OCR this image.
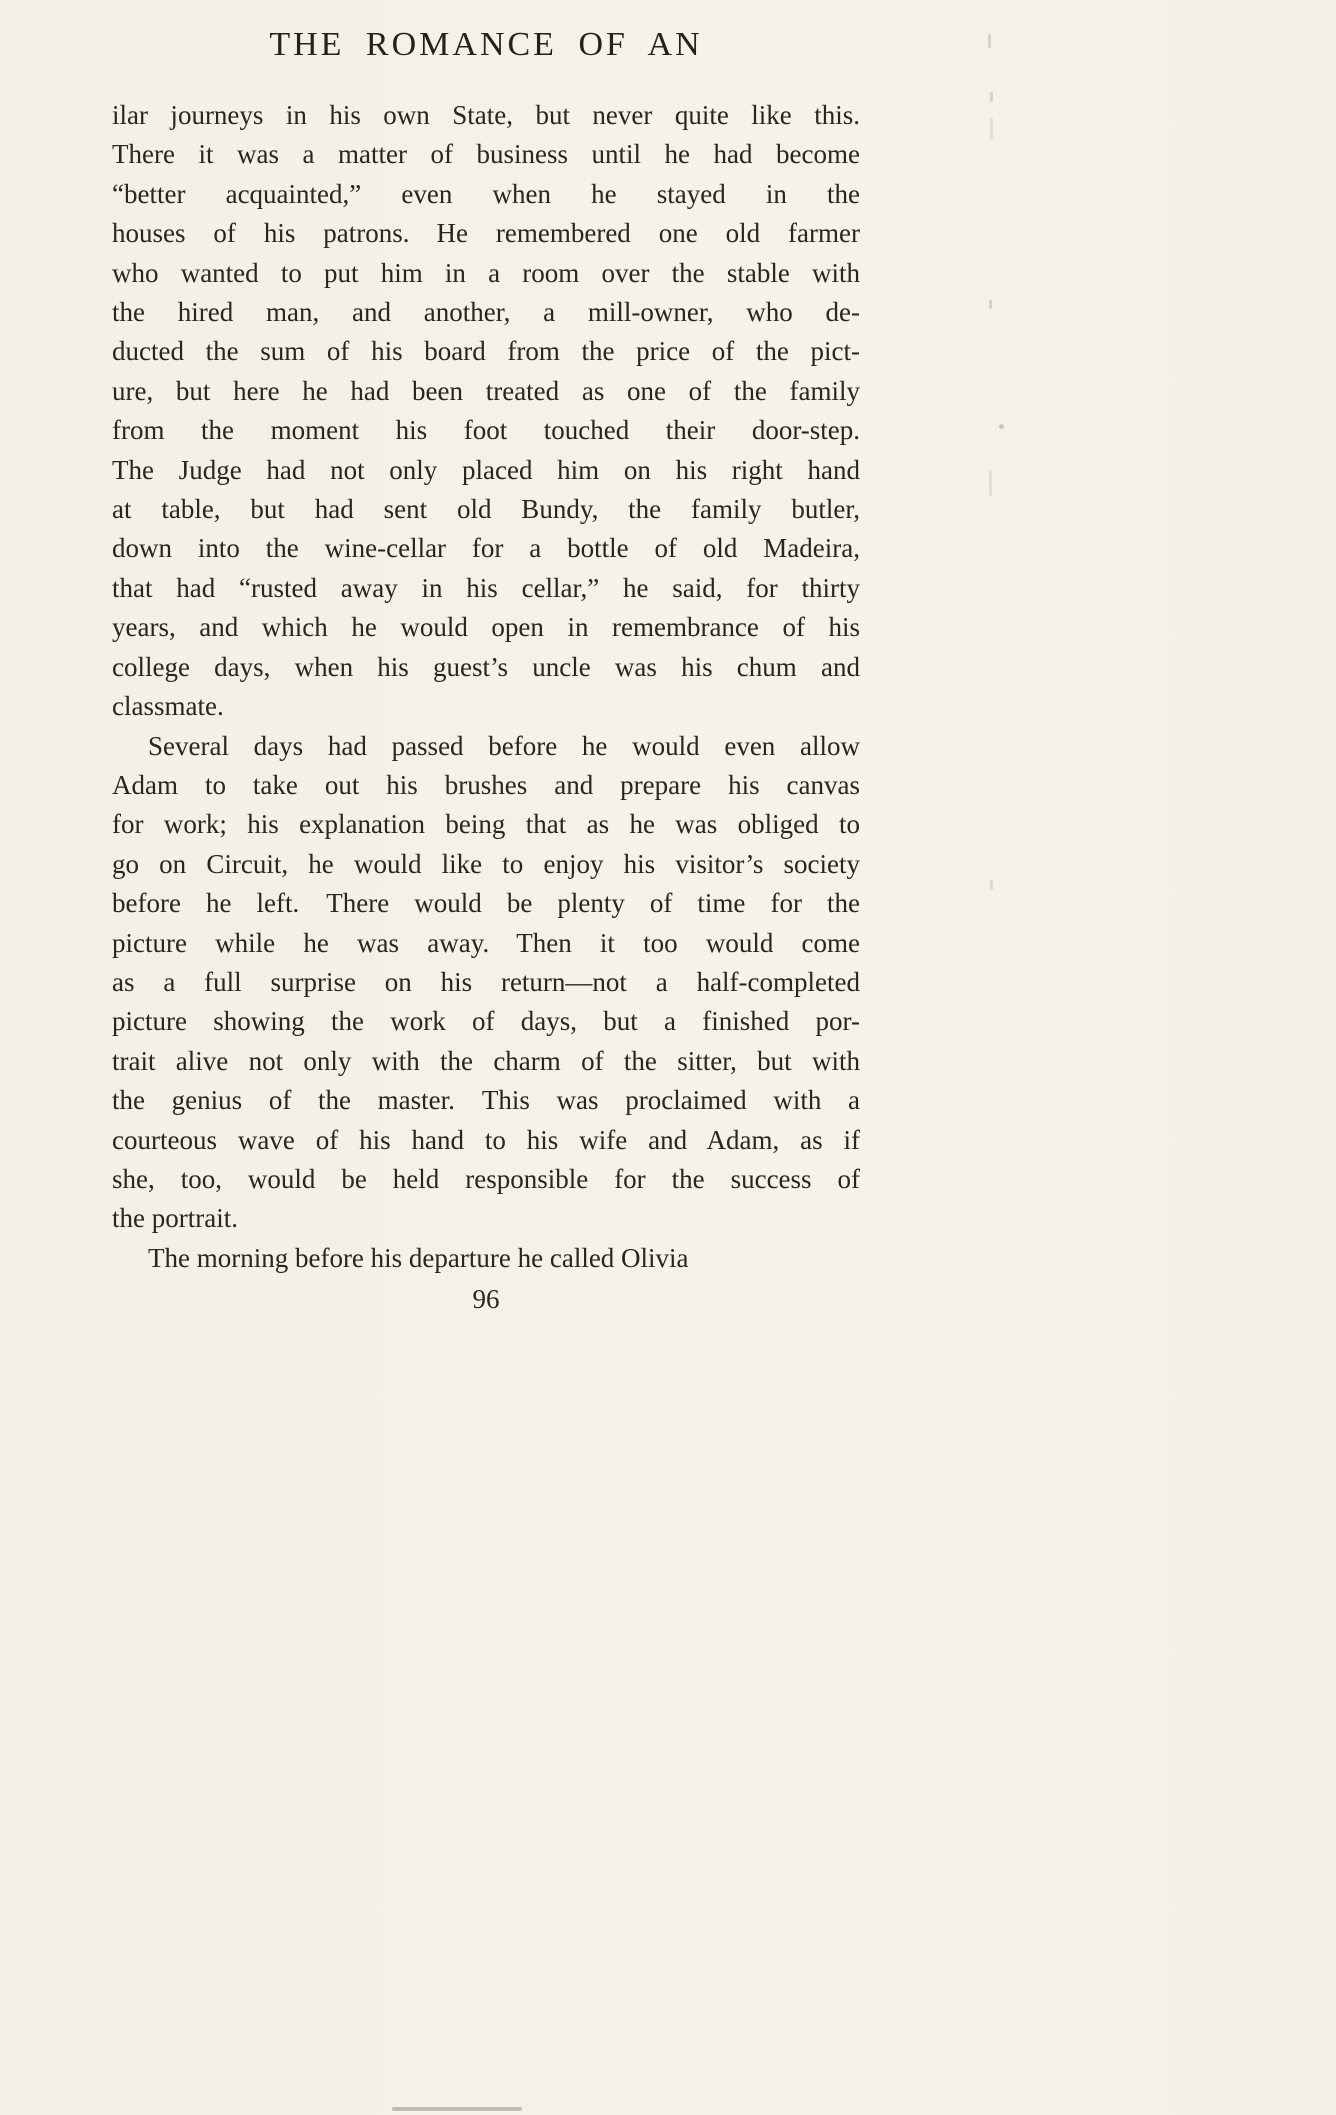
THE ROMANCE OF AN
ilar journeys in his own State, but never quite like this.
There it was a matter of business until he had become
“better acquainted,” even when he stayed in the
houses of his patrons.  He remembered one old farmer
who wanted to put him in a room over the stable with
the hired man, and another, a mill-owner, who de-
ducted the sum of his board from the price of the pict-
ure, but here he had been treated as one of the family
from the moment his foot touched their door-step.
The Judge had not only placed him on his right hand
at table, but had sent old Bundy, the family butler,
down into the wine-cellar for a bottle of old Madeira,
that had “rusted away in his cellar,” he said, for thirty
years, and which he would open in remembrance of his
college days, when his guest’s uncle was his chum and
classmate.
Several days had passed before he would even allow
Adam to take out his brushes and prepare his canvas
for work; his explanation being that as he was obliged to
go on Circuit, he would like to enjoy his visitor’s society
before he left.  There would be plenty of time for the
picture while he was away.  Then it too would come
as a full surprise on his return—not a half-completed
picture showing the work of days, but a finished por-
trait alive not only with the charm of the sitter, but with
the genius of the master.  This was proclaimed with a
courteous wave of his hand to his wife and Adam, as if
she, too, would be held responsible for the success of
the portrait.
The morning before his departure he called Olivia
96
